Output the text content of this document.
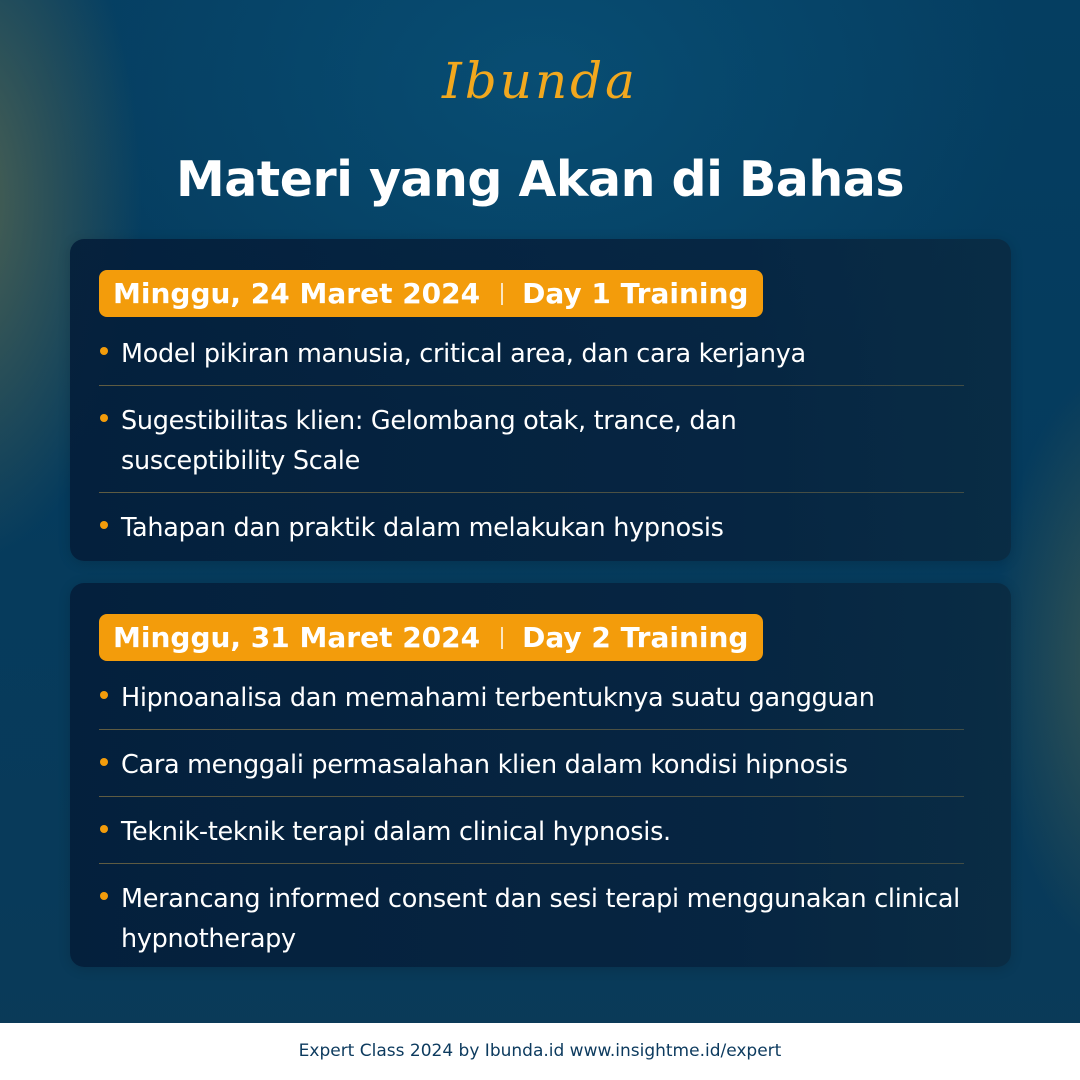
Ibunda
Materi yang Akan di Bahas
Minggu, 24 Maret 2024 Day 1 Training
Model pikiran manusia, critical area, dan cara kerjanya
Sugestibilitas klien: Gelombang otak, trance, dan susceptibility Scale
Tahapan dan praktik dalam melakukan hypnosis
Minggu, 31 Maret 2024 Day 2 Training
Hipnoanalisa dan memahami terbentuknya suatu gangguan
Cara menggali permasalahan klien dalam kondisi hipnosis
Teknik-teknik terapi dalam clinical hypnosis.
Merancang informed consent dan sesi terapi menggunakan clinical hypnotherapy
Expert Class 2024 by Ibunda.id www.insightme.id/expert
